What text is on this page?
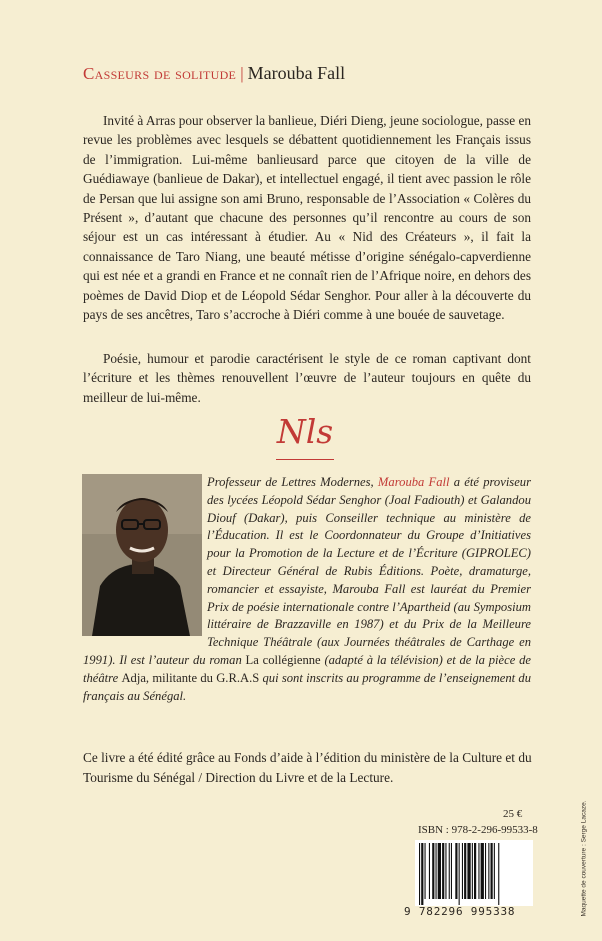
Casseurs de solitude | Marouba Fall
Invité à Arras pour observer la banlieue, Diéri Dieng, jeune sociologue, passe en revue les problèmes avec lesquels se débattent quotidiennement les Français issus de l’immigration. Lui-même banlieusard parce que citoyen de la ville de Guédiawaye (banlieue de Dakar), et intellectuel engagé, il tient avec passion le rôle de Persan que lui assigne son ami Bruno, responsable de l’Association « Colères du Présent », d’autant que chacune des personnes qu’il rencontre au cours de son séjour est un cas intéressant à étudier. Au « Nid des Créateurs », il fait la connaissance de Taro Niang, une beauté métisse d’origine sénégalo-capverdienne qui est née et a grandi en France et ne connaît rien de l’Afrique noire, en dehors des poèmes de David Diop et de Léopold Sédar Senghor. Pour aller à la découverte du pays de ses ancêtres, Taro s’accroche à Diéri comme à une bouée de sauvetage.
Poésie, humour et parodie caractérisent le style de ce roman captivant dont l’écriture et les thèmes renouvellent l’œuvre de l’auteur toujours en quête du meilleur de lui-même.
Nls
Professeur de Lettres Modernes, Marouba Fall a été proviseur des lycées Léopold Sédar Senghor (Joal Fadiouth) et Galandou Diouf (Dakar), puis Conseiller technique au ministère de l’Éducation. Il est le Coordonnateur du Groupe d’Initiatives pour la Promotion de la Lecture et de l’Écriture (GIPROLEC) et Directeur Général de Rubis Éditions. Poète, dramaturge, romancier et essayiste, Marouba Fall est lauréat du Premier Prix de poésie internationale contre l’Apartheid (au Symposium littéraire de Brazzaville en 1987) et du Prix de la Meilleure Technique Théâtrale (aux Journées théâtrales de Carthage en 1991). Il est l’auteur du roman La collégienne (adapté à la télévision) et de la pièce de théâtre Adja, militante du G.R.A.S qui sont inscrits au programme de l’enseignement du français au Sénégal.
Ce livre a été édité grâce au Fonds d’aide à l’édition du ministère de la Culture et du Tourisme du Sénégal / Direction du Livre et de la Lecture.
25 €
ISBN : 978-2-296-99533-8
9 782296 995338	Maquette de couverture : Serge Lacaze.
